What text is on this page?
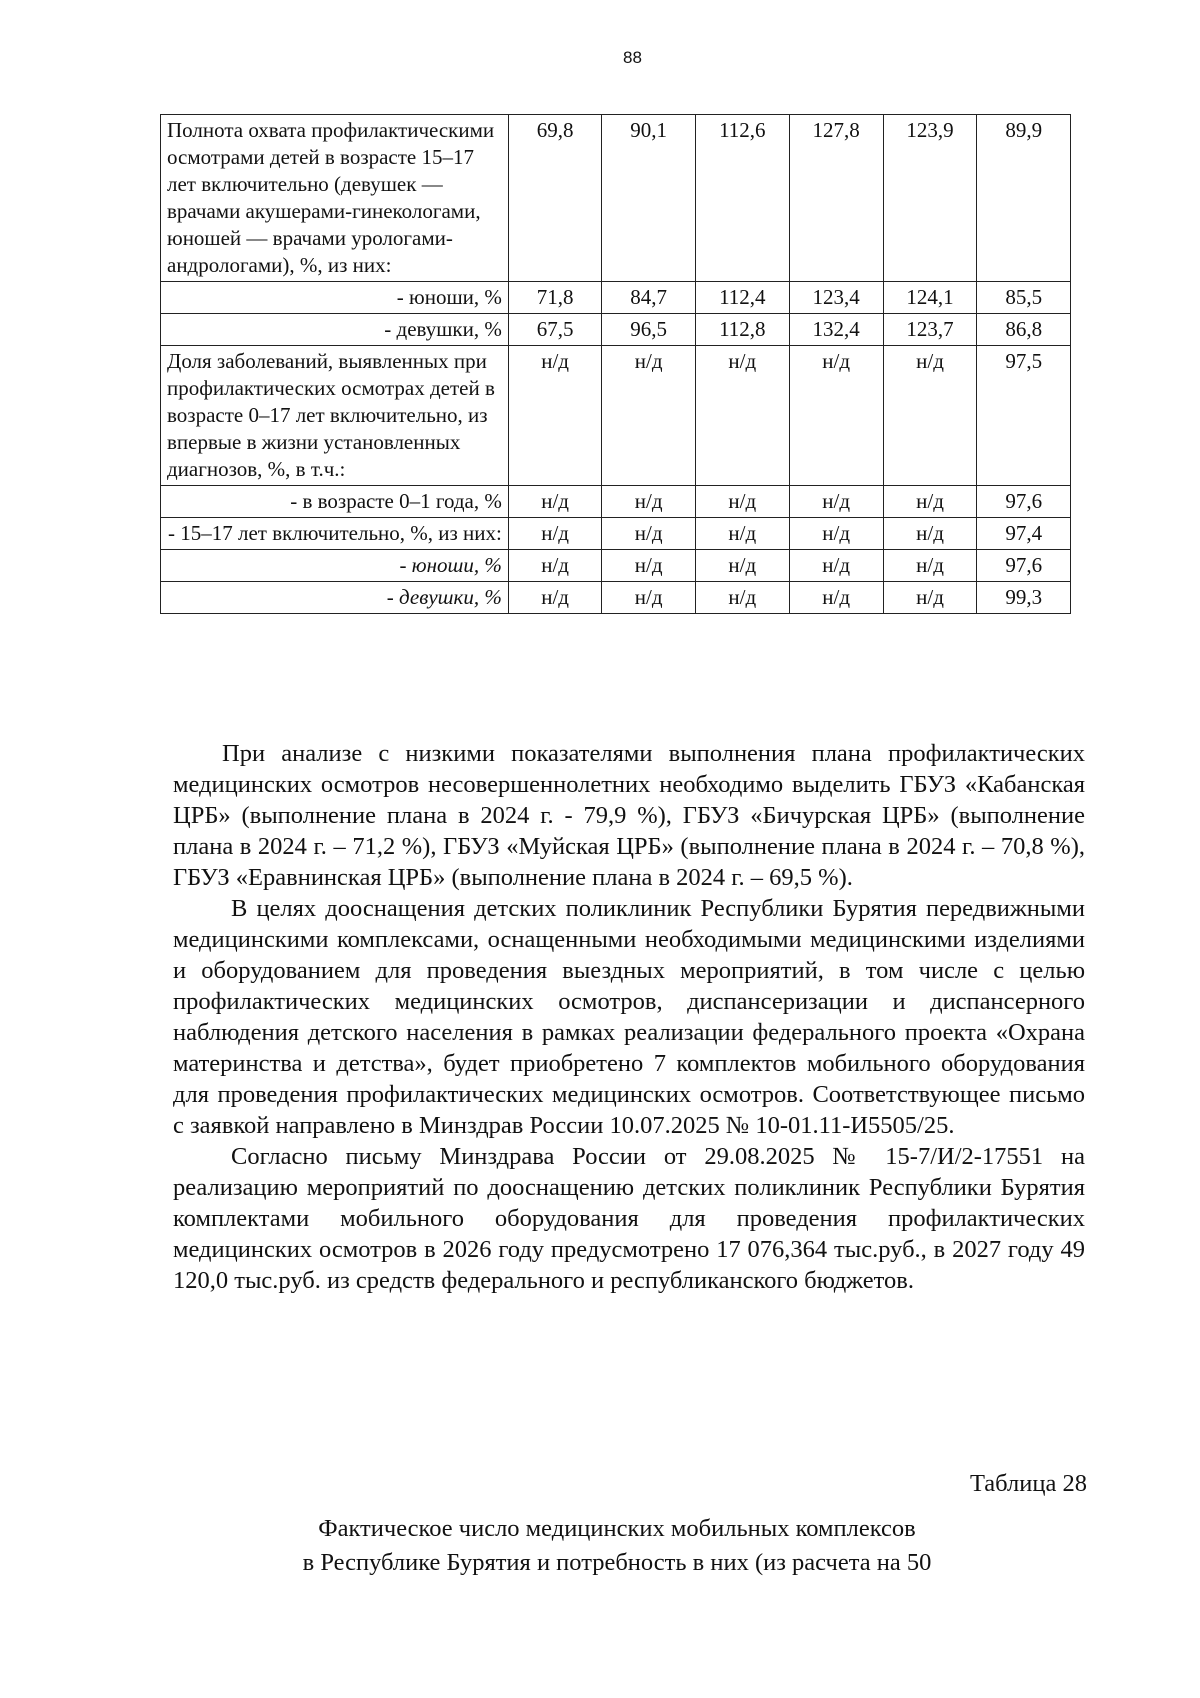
88
Полнота охвата профилактическими осмотрами детей в возрасте 15–17 лет включительно (девушек — врачами акушерами-гинекологами, юношей — врачами урологами-андрологами), %, из них:	69,8	90,1	112,6	127,8	123,9	89,9
- юноши, %	71,8	84,7	112,4	123,4	124,1	85,5
- девушки, %	67,5	96,5	112,8	132,4	123,7	86,8
Доля заболеваний, выявленных при профилактических осмотрах детей в возрасте 0–17 лет включительно, из впервые в жизни установленных диагнозов, %, в т.ч.:	н/д	н/д	н/д	н/д	н/д	97,5
- в возрасте 0–1 года, %	н/д	н/д	н/д	н/д	н/д	97,6
- 15–17 лет включительно, %, из них:	н/д	н/д	н/д	н/д	н/д	97,4
- юноши, %	н/д	н/д	н/д	н/д	н/д	97,6
- девушки, %	н/д	н/д	н/д	н/д	н/д	99,3

При анализе с низкими показателями выполнения плана профилактических медицинских осмотров несовершеннолетних необходимо выделить ГБУЗ «Кабанская ЦРБ» (выполнение плана в 2024 г. - 79,9 %), ГБУЗ «Бичурская ЦРБ» (выполнение плана в 2024 г. – 71,2 %), ГБУЗ «Муйская ЦРБ» (выполнение плана в 2024 г. – 70,8 %), ГБУЗ «Еравнинская ЦРБ» (выполнение плана в 2024 г. – 69,5 %).

В целях дооснащения детских поликлиник Республики Бурятия передвижными медицинскими комплексами, оснащенными необходимыми медицинскими изделиями и оборудованием для проведения выездных мероприятий, в том числе с целью профилактических медицинских осмотров, диспансеризации и диспансерного наблюдения детского населения в рамках реализации федерального проекта «Охрана материнства и детства», будет приобретено 7 комплектов мобильного оборудования для проведения профилактических медицинских осмотров. Соответствующее письмо с заявкой направлено в Минздрав России 10.07.2025 № 10-01.11-И5505/25.

Согласно письму Минздрава России от 29.08.2025 № 15-7/И/2-17551 на реализацию мероприятий по дооснащению детских поликлиник Республики Бурятия комплектами мобильного оборудования для проведения профилактических медицинских осмотров в 2026 году предусмотрено 17 076,364 тыс.руб., в 2027 году 49 120,0 тыс.руб. из средств федерального и республиканского бюджетов.

Таблица 28
Фактическое число медицинских мобильных комплексов
в Республике Бурятия и потребность в них (из расчета на 50
